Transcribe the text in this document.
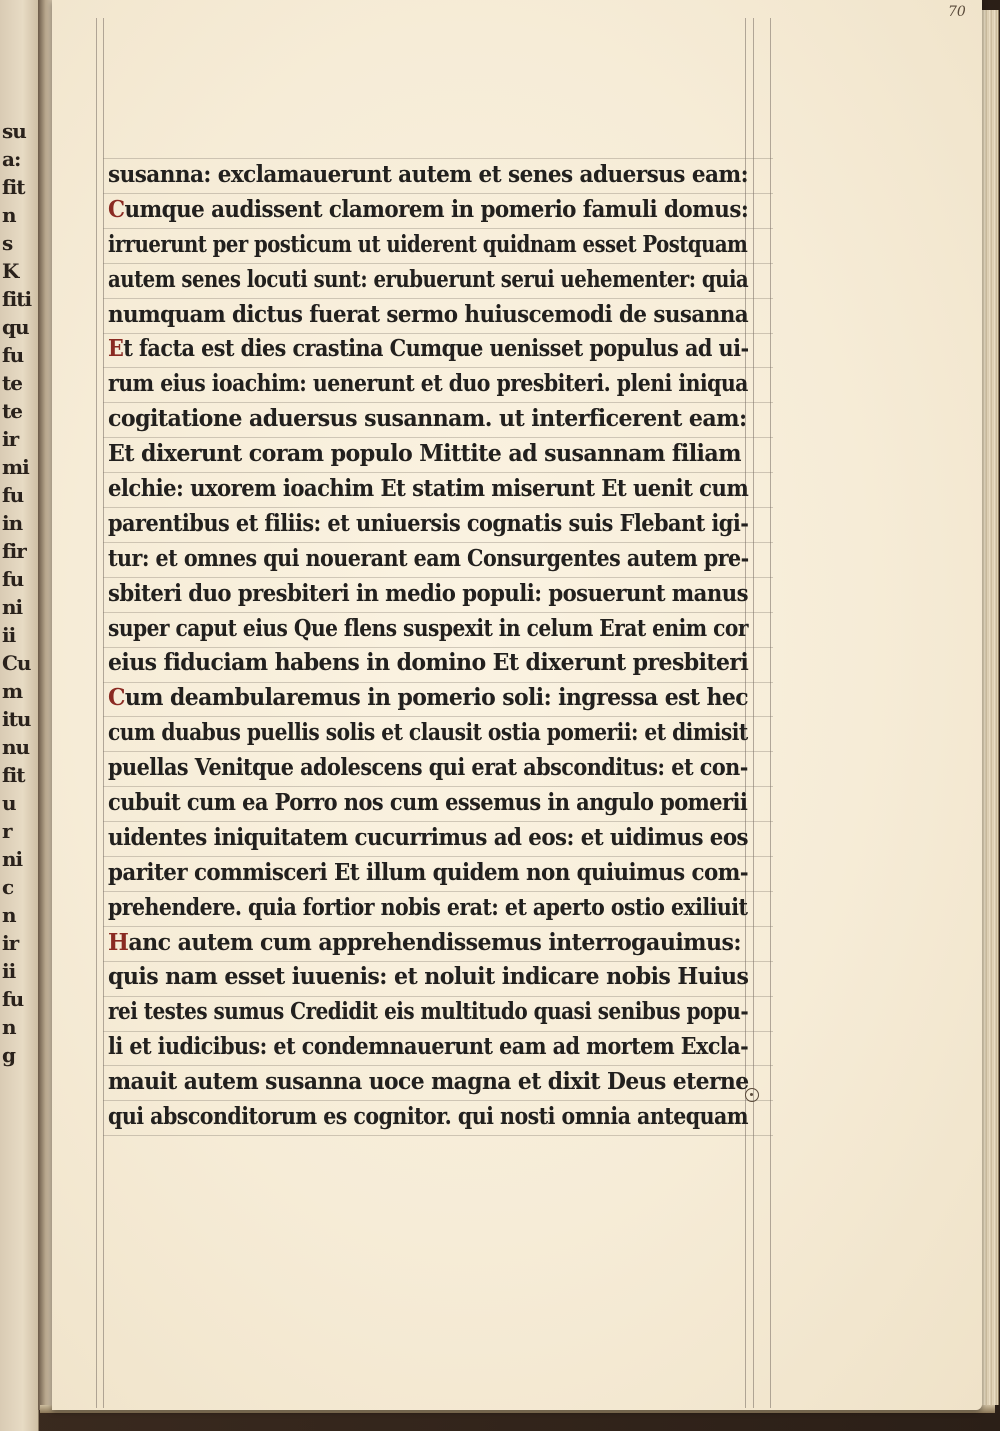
su
a:
fit
n
s
K
fiti
qu
fu
te
te
ir
mi
fu
in
fir
fu
ni
ii
Cu
m
itu
nu
fit
u
r
ni
c
n
ir
ii
fu
n
g
70
susanna: exclamauerunt autem et senes aduersus eam:
Cumque audissent clamorem in pomerio famuli domus:
irruerunt per posticum ut uiderent quidnam esset Postquam
autem senes locuti sunt: erubuerunt serui uehementer: quia
numquam dictus fuerat sermo huiuscemodi de susanna
Et facta est dies crastina Cumque uenisset populus ad ui-
rum eius ioachim: uenerunt et duo presbiteri. pleni iniqua
cogitatione aduersus susannam. ut interficerent eam:
Et dixerunt coram populo Mittite ad susannam filiam
elchie: uxorem ioachim Et statim miserunt Et uenit cum
parentibus et filiis: et uniuersis cognatis suis Flebant igi-
tur: et omnes qui nouerant eam Consurgentes autem pre-
sbiteri duo presbiteri in medio populi: posuerunt manus
super caput eius Que flens suspexit in celum Erat enim cor
eius fiduciam habens in domino Et dixerunt presbiteri
Cum deambularemus in pomerio soli: ingressa est hec
cum duabus puellis solis et clausit ostia pomerii: et dimisit
puellas Venitque adolescens qui erat absconditus: et con-
cubuit cum ea Porro nos cum essemus in angulo pomerii
uidentes iniquitatem cucurrimus ad eos: et uidimus eos
pariter commisceri Et illum quidem non quiuimus com-
prehendere. quia fortior nobis erat: et aperto ostio exiliuit
Hanc autem cum apprehendissemus interrogauimus:
quis nam esset iuuenis: et noluit indicare nobis Huius
rei testes sumus Credidit eis multitudo quasi senibus popu-
li et iudicibus: et condemnauerunt eam ad mortem Excla-
mauit autem susanna uoce magna et dixit Deus eterne
qui absconditorum es cognitor. qui nosti omnia antequam
